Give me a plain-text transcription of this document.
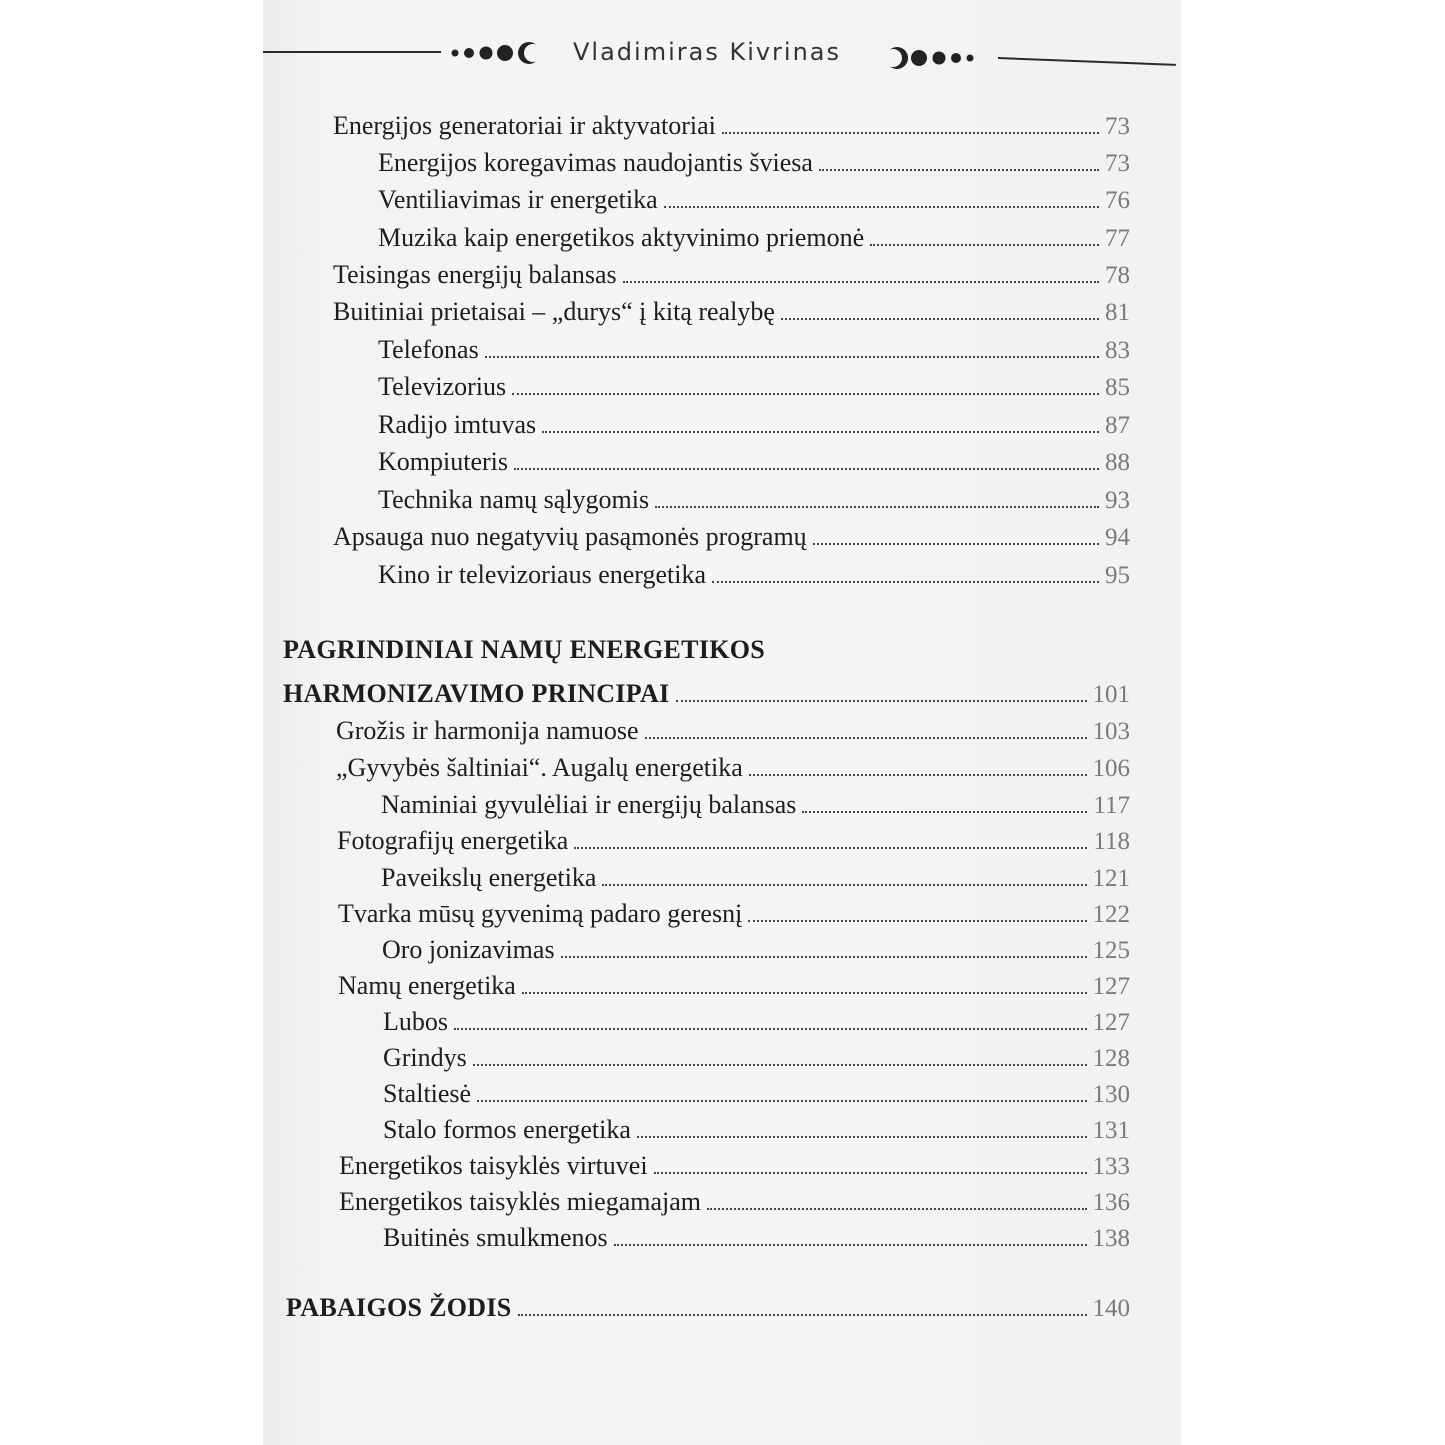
Vladimiras Kivrinas
Energijos generatoriai ir aktyvatoriai	73
Energijos koregavimas naudojantis šviesa	73
Ventiliavimas ir energetika	76
Muzika kaip energetikos aktyvinimo priemonė	77
Teisingas energijų balansas	78
Buitiniai prietaisai – „durys“ į kitą realybę	81
Telefonas	83
Televizorius	85
Radijo imtuvas	87
Kompiuteris	88
Technika namų sąlygomis	93
Apsauga nuo negatyvių pasąmonės programų	94
Kino ir televizoriaus energetika	95
PAGRINDINIAI NAMŲ ENERGETIKOS
HARMONIZAVIMO PRINCIPAI	101
Grožis ir harmonija namuose	103
„Gyvybės šaltiniai“. Augalų energetika	106
Naminiai gyvulėliai ir energijų balansas	117
Fotografijų energetika	118
Paveikslų energetika	121
Tvarka mūsų gyvenimą padaro geresnį	122
Oro jonizavimas	125
Namų energetika	127
Lubos	127
Grindys	128
Staltiesė	130
Stalo formos energetika	131
Energetikos taisyklės virtuvei	133
Energetikos taisyklės miegamajam	136
Buitinės smulkmenos	138
PABAIGOS ŽODIS	140
